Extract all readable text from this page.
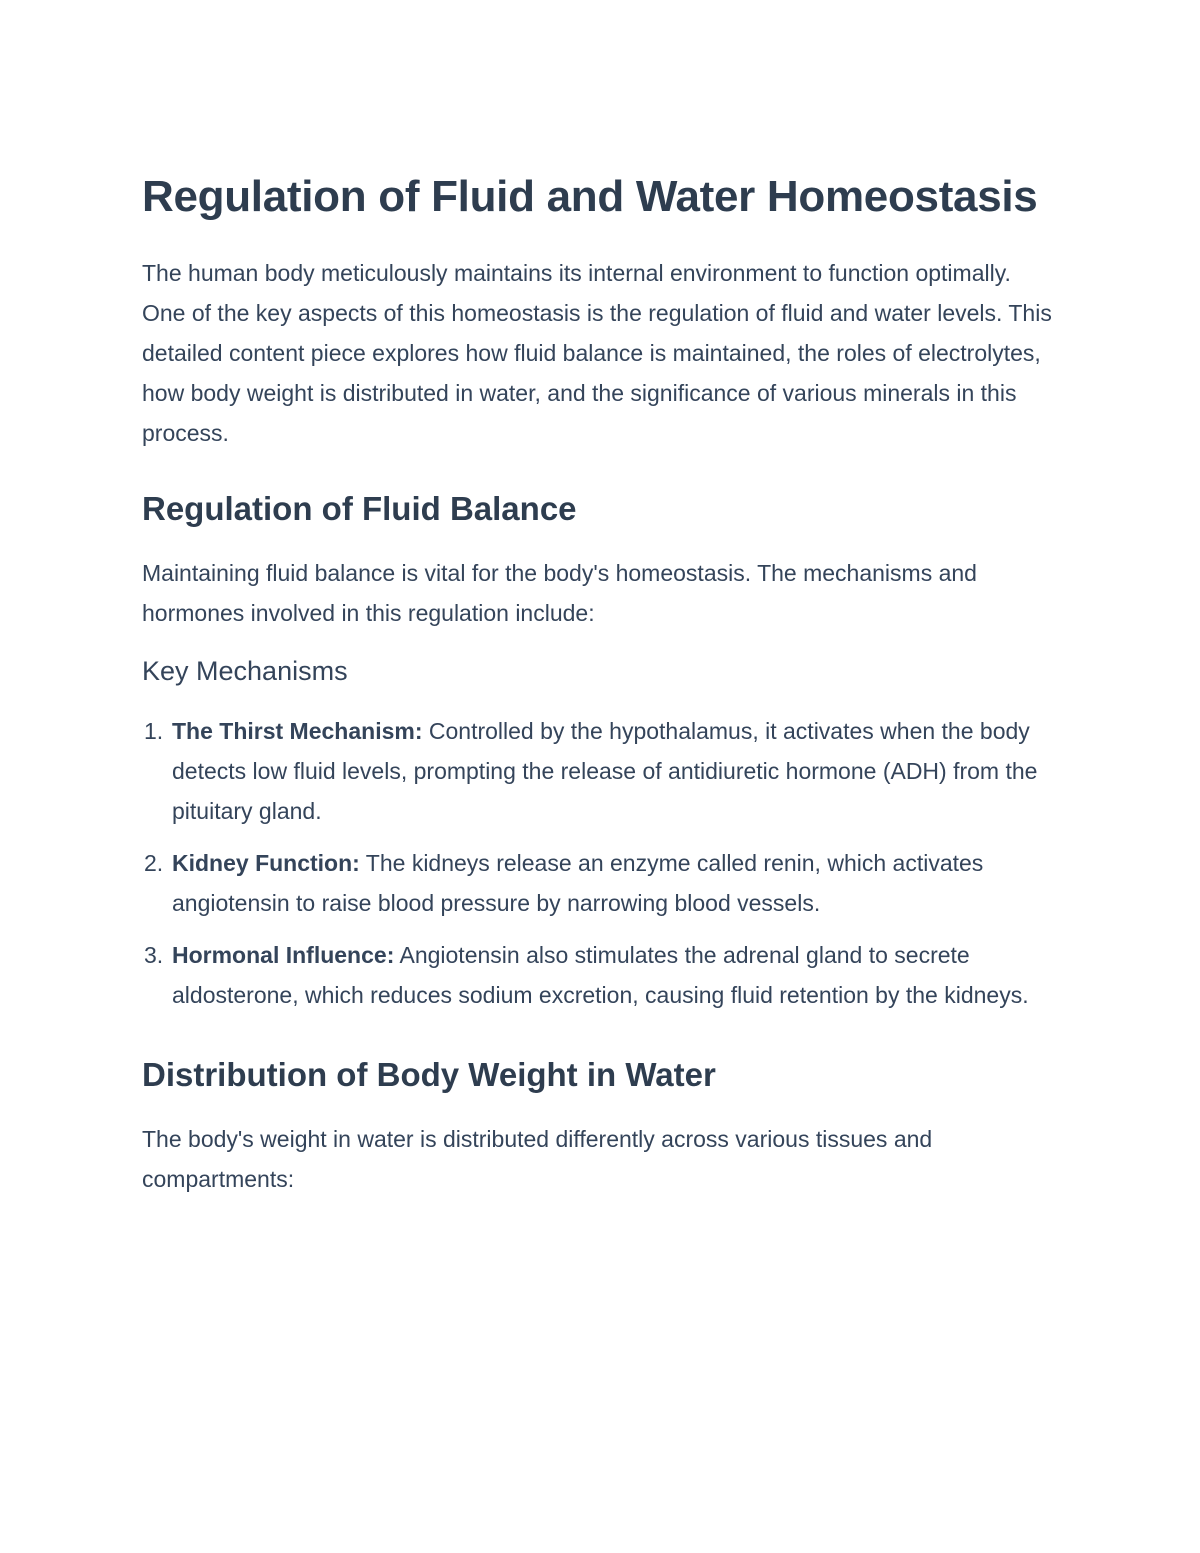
Regulation of Fluid and Water Homeostasis

The human body meticulously maintains its internal environment to function optimally. One of the key aspects of this homeostasis is the regulation of fluid and water levels. This detailed content piece explores how fluid balance is maintained, the roles of electrolytes, how body weight is distributed in water, and the significance of various minerals in this process.

Regulation of Fluid Balance

Maintaining fluid balance is vital for the body's homeostasis. The mechanisms and hormones involved in this regulation include:

Key Mechanisms
1. The Thirst Mechanism: Controlled by the hypothalamus, it activates when the body detects low fluid levels, prompting the release of antidiuretic hormone (ADH) from the pituitary gland.
2. Kidney Function: The kidneys release an enzyme called renin, which activates angiotensin to raise blood pressure by narrowing blood vessels.
3. Hormonal Influence: Angiotensin also stimulates the adrenal gland to secrete aldosterone, which reduces sodium excretion, causing fluid retention by the kidneys.
Distribution of Body Weight in Water

The body's weight in water is distributed differently across various tissues and compartments:
